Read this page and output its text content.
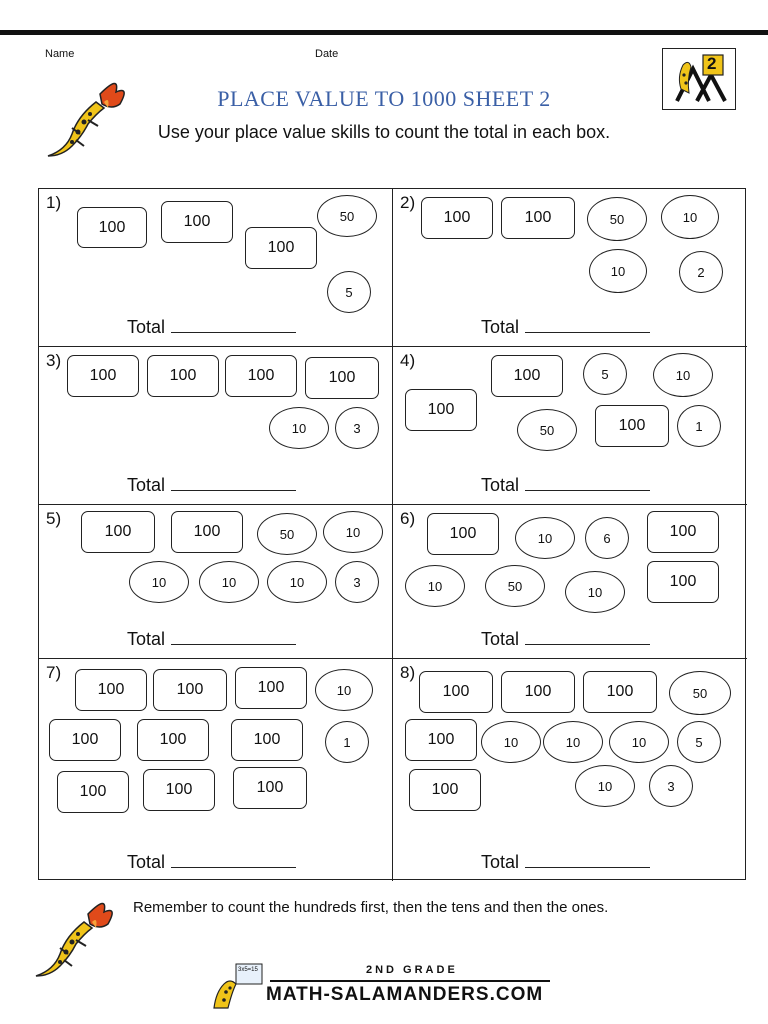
Name	Date
PLACE VALUE TO 1000 SHEET 2
Use your place value skills to count the total in each box.
2
1)
100	100
100
50
5
Total
2)
100	100	50	10
10	2
Total
3)
100	100	100	100
10	3
Total
4)
100	5	10
100
50	100	1
Total
5)
100	100	50	10
10	10	10	3
Total
6)
100	10	6	100
10	50	10
100
Total
7)
100	100	100	10
100	100	100	1
100	100	100
Total
8)
100	100	100	50
100	10	10	10	5
100	10	3
Total
Remember to count the hundreds first, then the tens and then the ones.
3x5=15	2ND GRADE
MATH-SALAMANDERS.COM
